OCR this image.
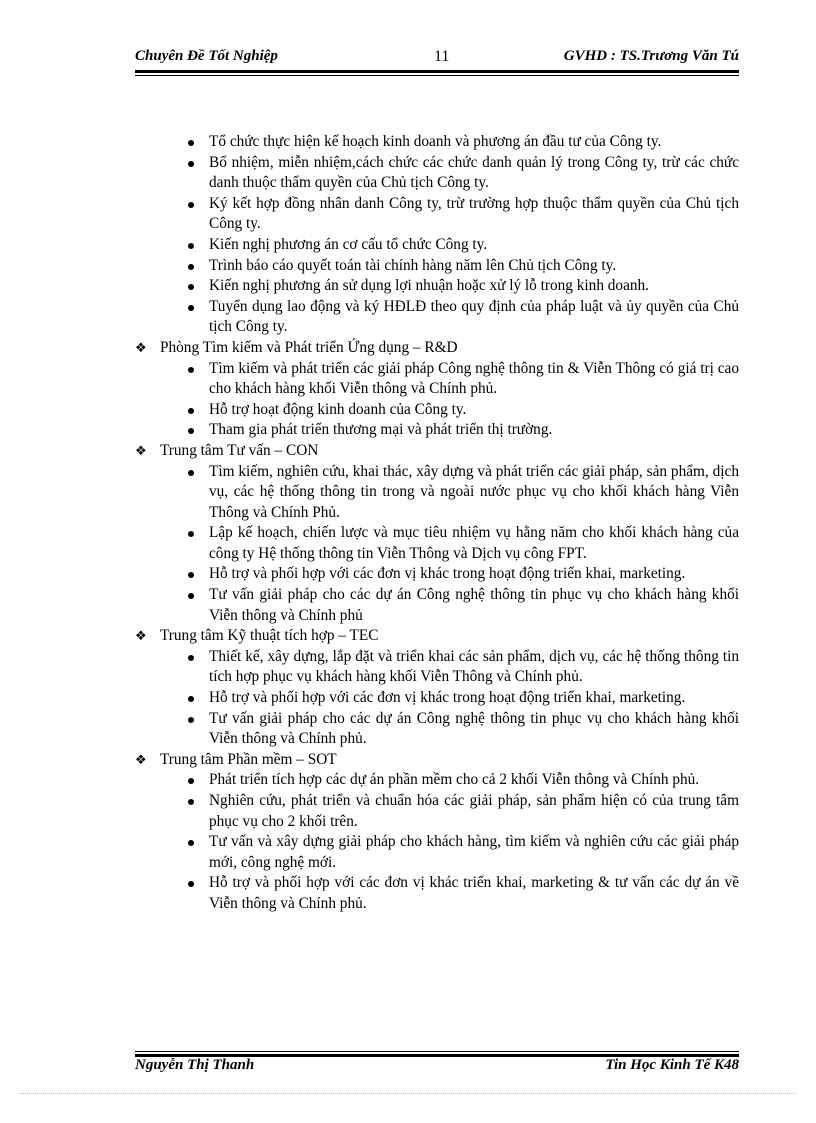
Chuyên Đề Tốt Nghiệp	11	GVHD : TS.Trương Văn Tú
Tổ chức thực hiện kế hoạch kinh doanh và phương án đầu tư của Công ty.
Bổ nhiệm, miễn nhiệm,cách chức các chức danh quản lý trong Công ty, trừ các chức danh thuộc thẩm quyền của Chủ tịch Công ty.
Ký kết hợp đồng nhân danh Công ty, trừ trường hợp thuộc thẩm quyền của Chủ tịch Công ty.
Kiến nghị phương án cơ cấu tổ chức Công ty.
Trình báo cáo quyết toán tài chính hàng năm lên Chủ tịch Công ty.
Kiến nghị phương án sử dụng lợi nhuận hoặc xử lý lỗ trong kinh doanh.
Tuyển dụng lao động và ký HĐLĐ theo quy định của pháp luật và ủy quyền của Chủ tịch Công ty.
❖ Phòng Tìm kiếm và Phát triển Ứng dụng – R&D
Tìm kiếm và phát triển các giải pháp Công nghệ thông tin & Viễn Thông có giá trị cao cho khách hàng khối Viễn thông và Chính phủ.
Hỗ trợ hoạt động kinh doanh của Công ty.
Tham gia phát triển thương mại và phát triển thị trường.
❖ Trung tâm Tư vấn – CON
Tìm kiếm, nghiên cứu, khai thác, xây dựng và phát triển các giải pháp, sản phẩm, dịch vụ, các hệ thống thông tin trong và ngoài nước phục vụ cho khối khách hàng Viễn Thông và Chính Phủ.
Lập kế hoạch, chiến lược và mục tiêu nhiệm vụ hằng năm cho khối khách hàng của công ty Hệ thống thông tin Viễn Thông và Dịch vụ công FPT.
Hỗ trợ và phối hợp với các đơn vị khác trong hoạt động triển khai, marketing.
Tư vấn giải pháp cho các dự án Công nghệ thông tin phục vụ cho khách hàng khối Viễn thông và Chính phủ
❖ Trung tâm Kỹ thuật tích hợp – TEC
Thiết kế, xây dựng, lắp đặt và triển khai các sản phẩm, dịch vụ, các hệ thống thông tin tích hợp phục vụ khách hàng khối Viễn Thông và Chính phủ.
Hỗ trợ và phối hợp với các đơn vị khác trong hoạt động triển khai, marketing.
Tư vấn giải pháp cho các dự án Công nghệ thông tin phục vụ cho khách hàng khối Viễn thông và Chính phủ.
❖ Trung tâm Phần mềm – SOT
Phát triển tích hợp các dự án phần mềm cho cả 2 khối Viễn thông và Chính phủ.
Nghiên cứu, phát triển và chuẩn hóa các giải pháp, sản phẩm hiện có của trung tâm phục vụ cho 2 khối trên.
Tư vấn và xây dựng giải pháp cho khách hàng, tìm kiếm và nghiên cứu các giải pháp mới, công nghệ mới.
Hỗ trợ và phối hợp với các đơn vị khác triển khai, marketing & tư vấn các dự án về Viễn thông và Chính phủ.
Nguyễn Thị Thanh	Tin Học Kinh Tế K48
